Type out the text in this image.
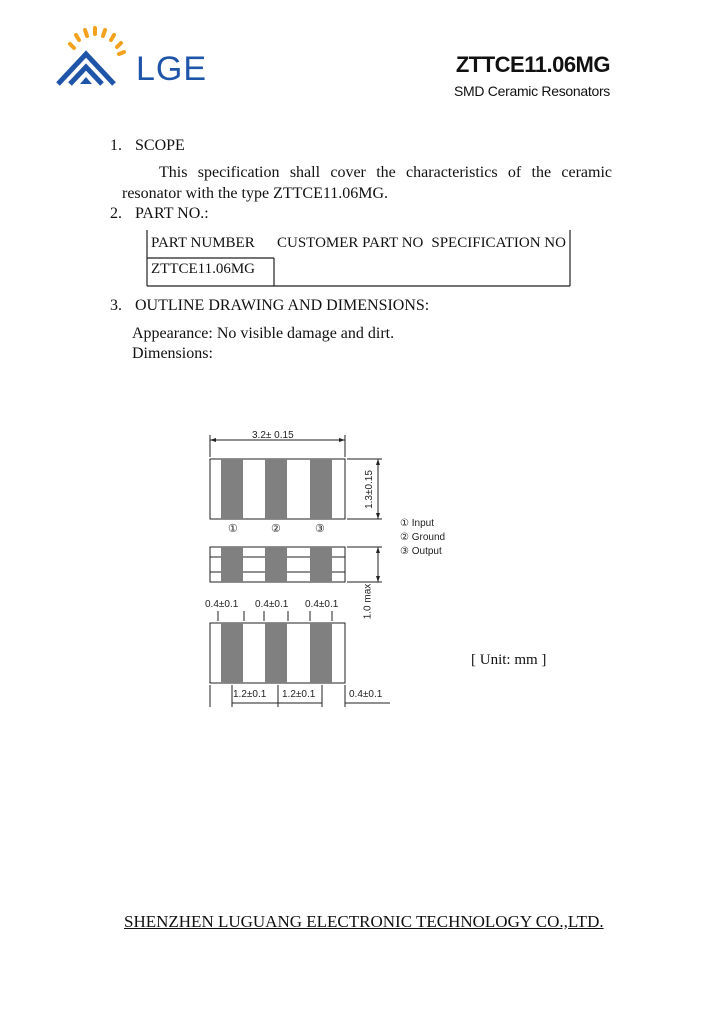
LGE	ZTTCE11.06MG
SMD Ceramic Resonators
1. SCOPE
This specification shall cover the characteristics of the ceramic
resonator with the type ZTTCE11.06MG.
2. PART NO.:
PART NUMBER	CUSTOMER PART NO	SPECIFICATION NO
ZTTCE11.06MG		
3. OUTLINE DRAWING AND DIMENSIONS:
Appearance: No visible damage and dirt.
Dimensions:
3.2± 0.15
1.3±0.15
1.0 max
①	②	③	① Input
② Ground
③ Output
0.4±0.1 0.4±0.1 0.4±0.1
1.2±0.1 1.2±0.1	0.4±0.1
[ Unit: mm ]
SHENZHEN LUGUANG ELECTRONIC TECHNOLOGY CO.,LTD.
